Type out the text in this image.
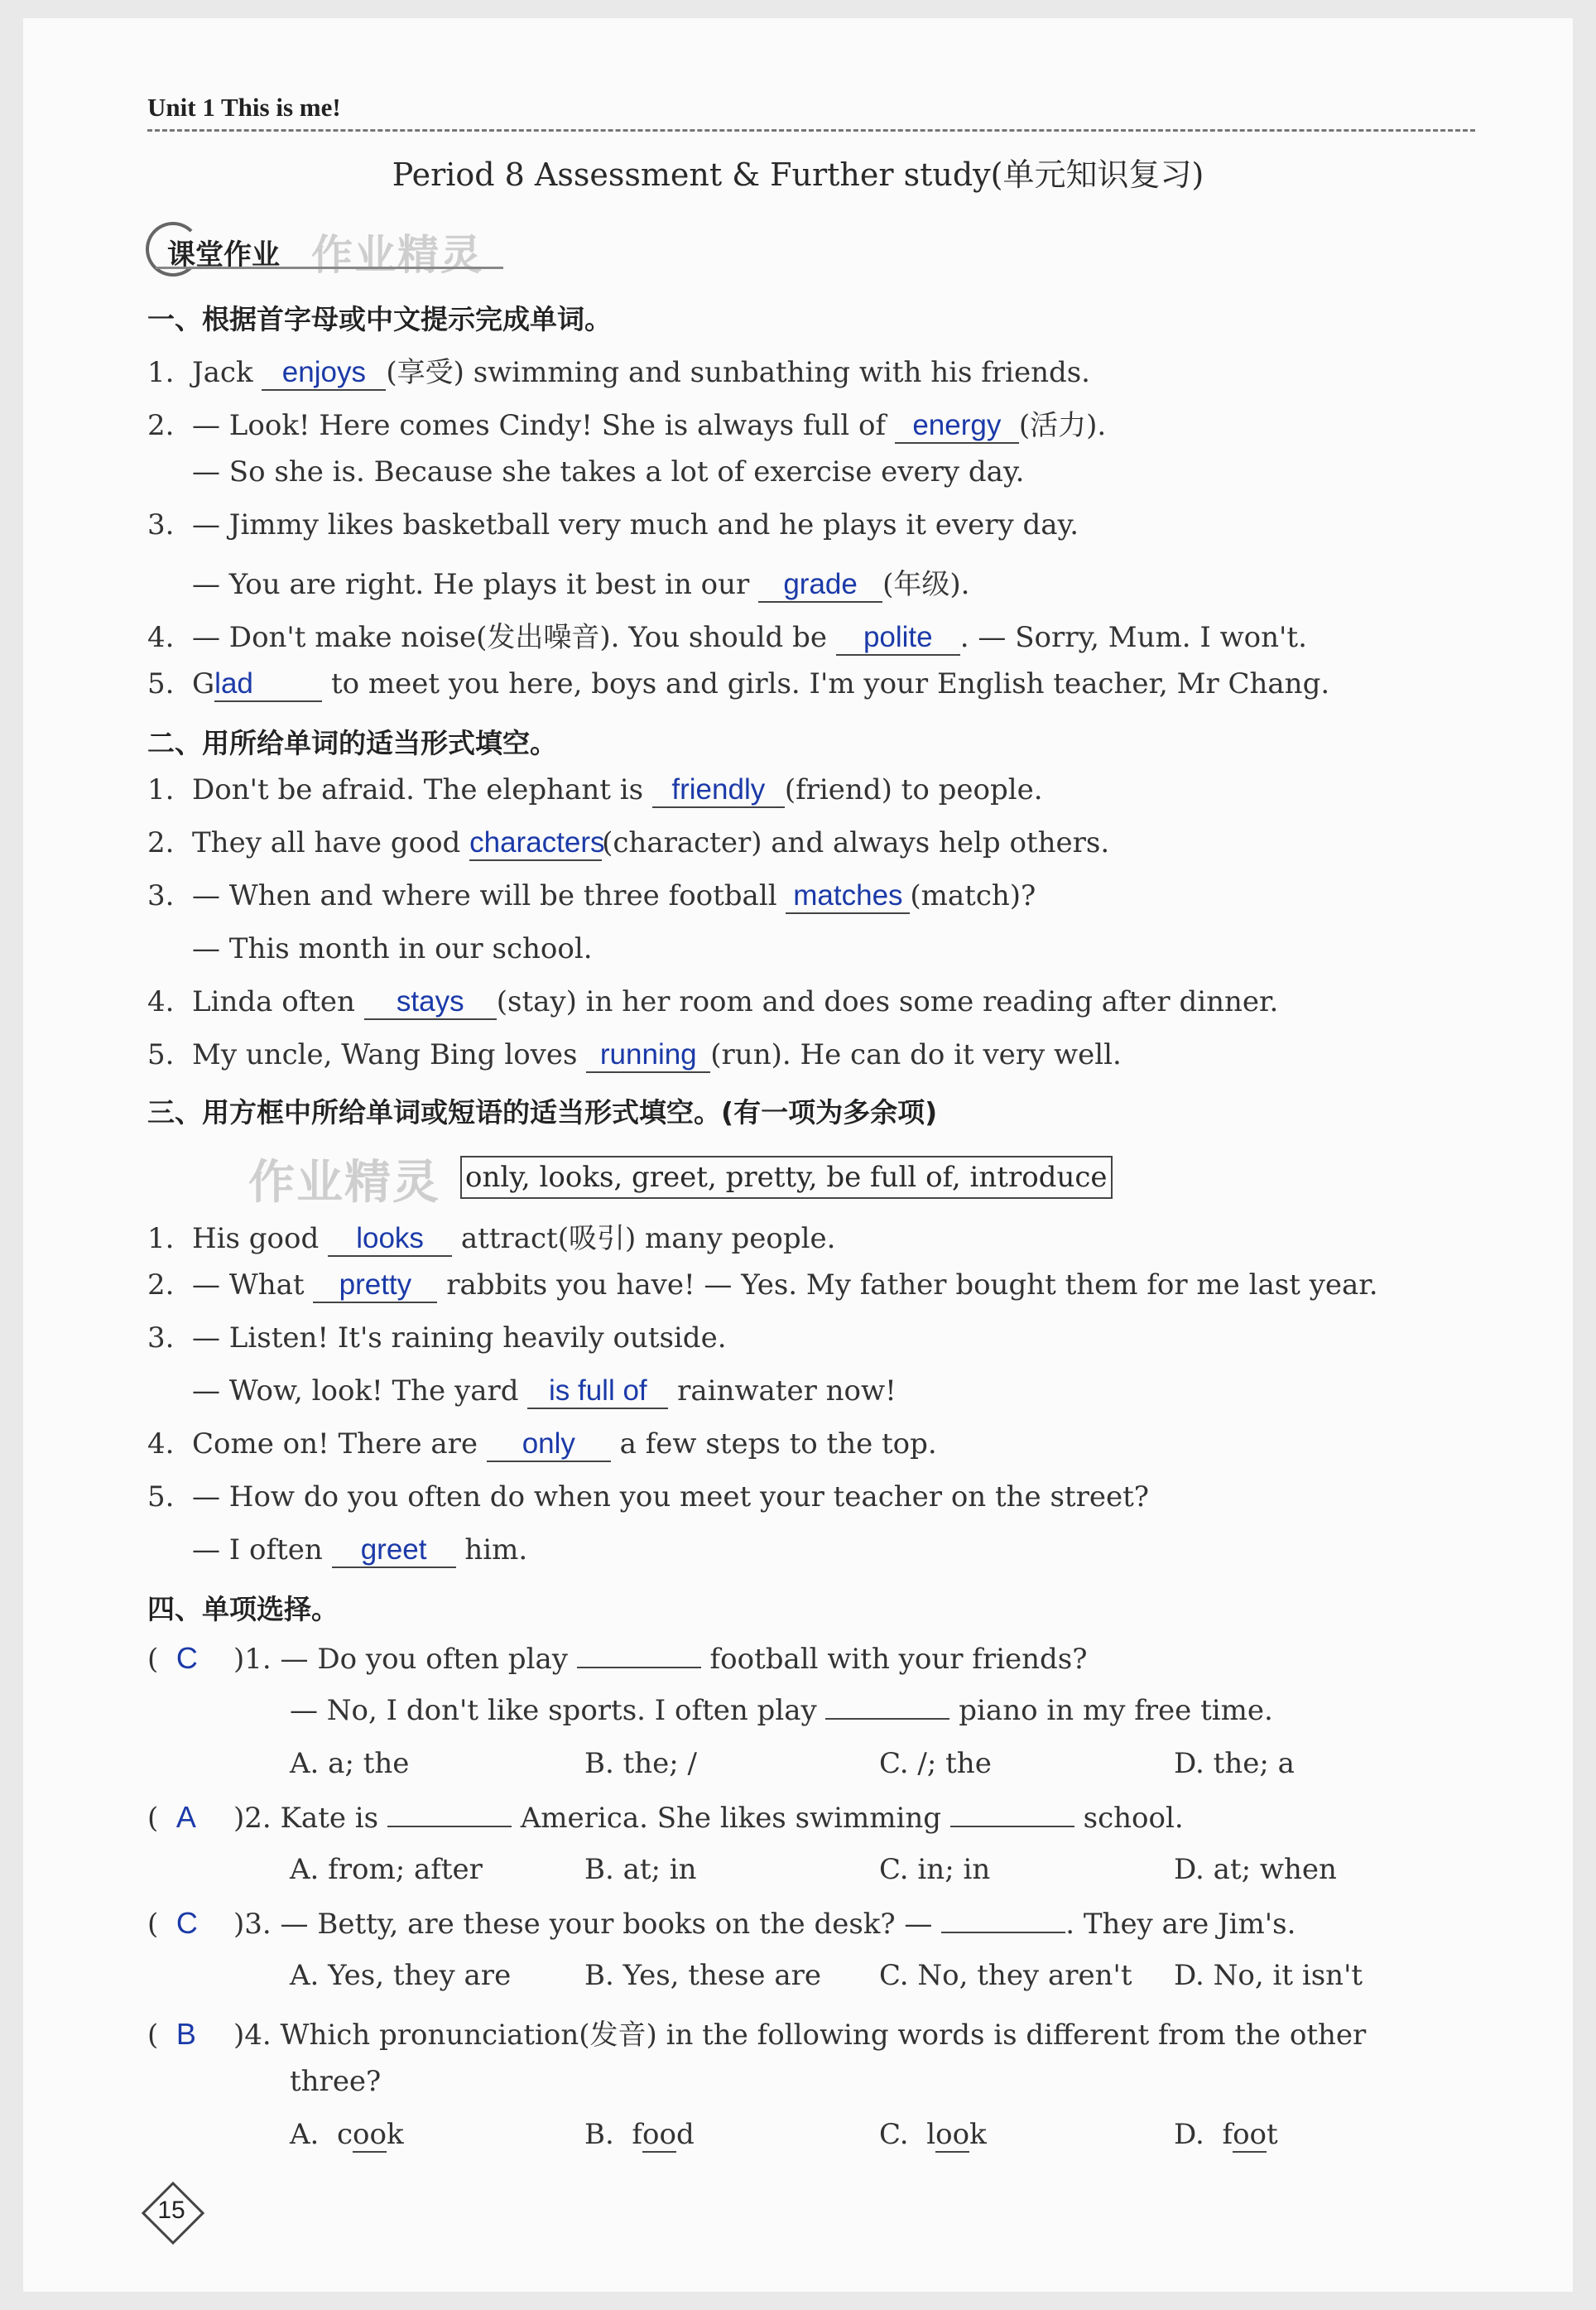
Unit 1 This is me!
Period 8 Assessment & Further study(单元知识复习)
课堂作业 作业精灵
一、根据首字母或中文提示完成单词。
1. Jack enjoys (享受) swimming and sunbathing with his friends.
2. — Look! Here comes Cindy! She is always full of energy (活力).
— So she is. Because she takes a lot of exercise every day.
3. — Jimmy likes basketball very much and he plays it every day.
— You are right. He plays it best in our grade (年级).
4. — Don't make noise(发出噪音). You should be polite . — Sorry, Mum. I won't.
5. Glad	to meet you here, boys and girls. I'm your English teacher, Mr Chang.
二、用所给单词的适当形式填空。
1. Don't be afraid. The elephant is friendly (friend) to people.
2. They all have good characters(character) and always help others.
3. — When and where will be three football matches (match)?
— This month in our school.
4. Linda often stays (stay) in her room and does some reading after dinner.
5. My uncle, Wang Bing loves running (run). He can do it very well.
三、用方框中所给单词或短语的适当形式填空。(有一项为多余项)
作业精灵 only, looks, greet, pretty, be full of, introduce
1. His good looks attract(吸引) many people.
2. — What pretty rabbits you have! — Yes. My father bought them for me last year.
3. — Listen! It's raining heavily outside.
— Wow, look! The yard is full of rainwater now!
4. Come on! There are only a few steps to the top.
5. — How do you often do when you meet your teacher on the street?
— I often greet him.
四、单项选择。
(  C )1. — Do you often play	football with your friends?
— No, I don't like sports. I often play	piano in my free time.
A. a; the	B. the; /	C. /; the	D. the; a
(  A )2. Kate is	America. She likes swimming	school.
A. from; after	B. at; in	C. in; in	D. at; when
(  C )3. — Betty, are these your books on the desk? —	. They are Jim's.
A. Yes, they are	B. Yes, these are C. No, they aren't D. No, it isn't
(  B )4. Which pronunciation(发音) in the following words is different from the other
three?
A. cook	B. food	C. look	D. foot
15
